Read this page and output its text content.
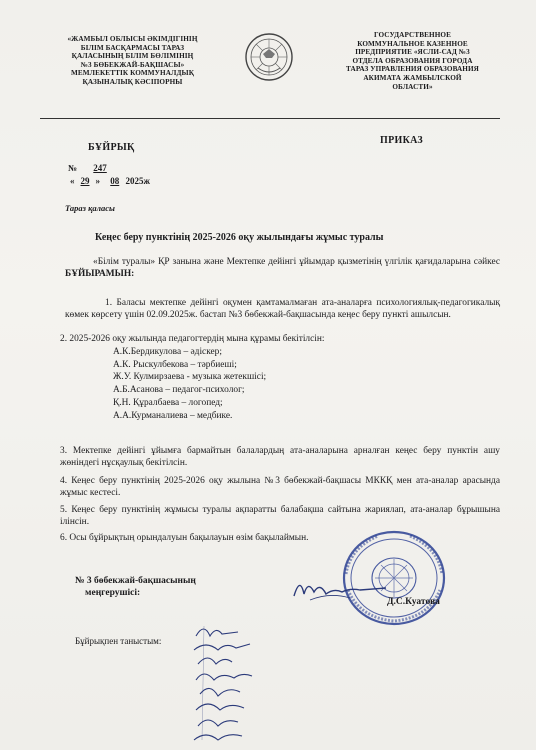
«ЖАМБЫЛ ОБЛЫСЫ ӘКІМДІГІНІҢ
БІЛІМ БАСҚАРМАСЫ ТАРАЗ
ҚАЛАСЫНЫҢ БІЛІМ БӨЛІМІНІҢ
№3 БӨБЕКЖАЙ-БАҚШАСЫ»
МЕМЛЕКЕТТІК КОММУНАЛДЫҚ
ҚАЗЫНАЛЫҚ КӘСІПОРНЫ
ГОСУДАРСТВЕННОЕ
КОММУНАЛЬНОЕ КАЗЕННОЕ
ПРЕДПРИЯТИЕ «ЯСЛИ-САД №3
ОТДЕЛА ОБРАЗОВАНИЯ ГОРОДА
ТАРАЗ УПРАВЛЕНИЯ ОБРАЗОВАНИЯ
АКИМАТА ЖАМБЫЛСКОЙ
ОБЛАСТИ»
БҰЙРЫҚ
ПРИКАЗ
№ 247
« 29 » 08 2025ж
Тараз қаласы
Кеңес беру пунктінің 2025-2026 оқу жылындағы жұмыс туралы
«Білім туралы» ҚР занына және Мектепке дейінгі ұйымдар қызметінің үлгілік қағидаларына сәйкес БҰЙЫРАМЫН:
1. Баласы мектепке дейінгі оқумен қамтамалмаған ата-аналарға психологиялық-педагогикалық көмек көрсету үшін 02.09.2025ж. бастап №3 бөбекжай-бақшасында кеңес беру пункті ашылсын.
2. 2025-2026 оқу жылында педагогтердің мына құрамы бекітілсін:
А.К.Бердикулова – әдіскер;
А.К. Рыскулбекова – тәрбиеші;
Ж.У. Кулмирзаева - музыка жетекшісі;
А.Б.Асанова – педагог-психолог;
Қ.Н. Құралбаева – логопед;
А.А.Курманалиева – медбике.
3. Мектепке дейінгі ұйымға бармайтын балалардың ата-аналарына арналған кеңес беру пунктін ашу жөніндегі нұсқаулық бекітілсін.
4. Кеңес беру пунктінің 2025-2026 оқу жылына №3 бөбекжай-бақшасы МККҚ мен ата-аналар арасында жұмыс кестесі.
5. Кеңес беру пунктінің жұмысы туралы ақпаратты балабақша сайтына жариялап, ата-аналар бұрышына ілінсін.
6. Осы бұйрықтың орындалуын бақылауын өзім бақылаймын.
№ 3 бөбекжай-бақшасының
меңгерушісі:
Д.С.Куатова
Бұйрықпен таныстым:
